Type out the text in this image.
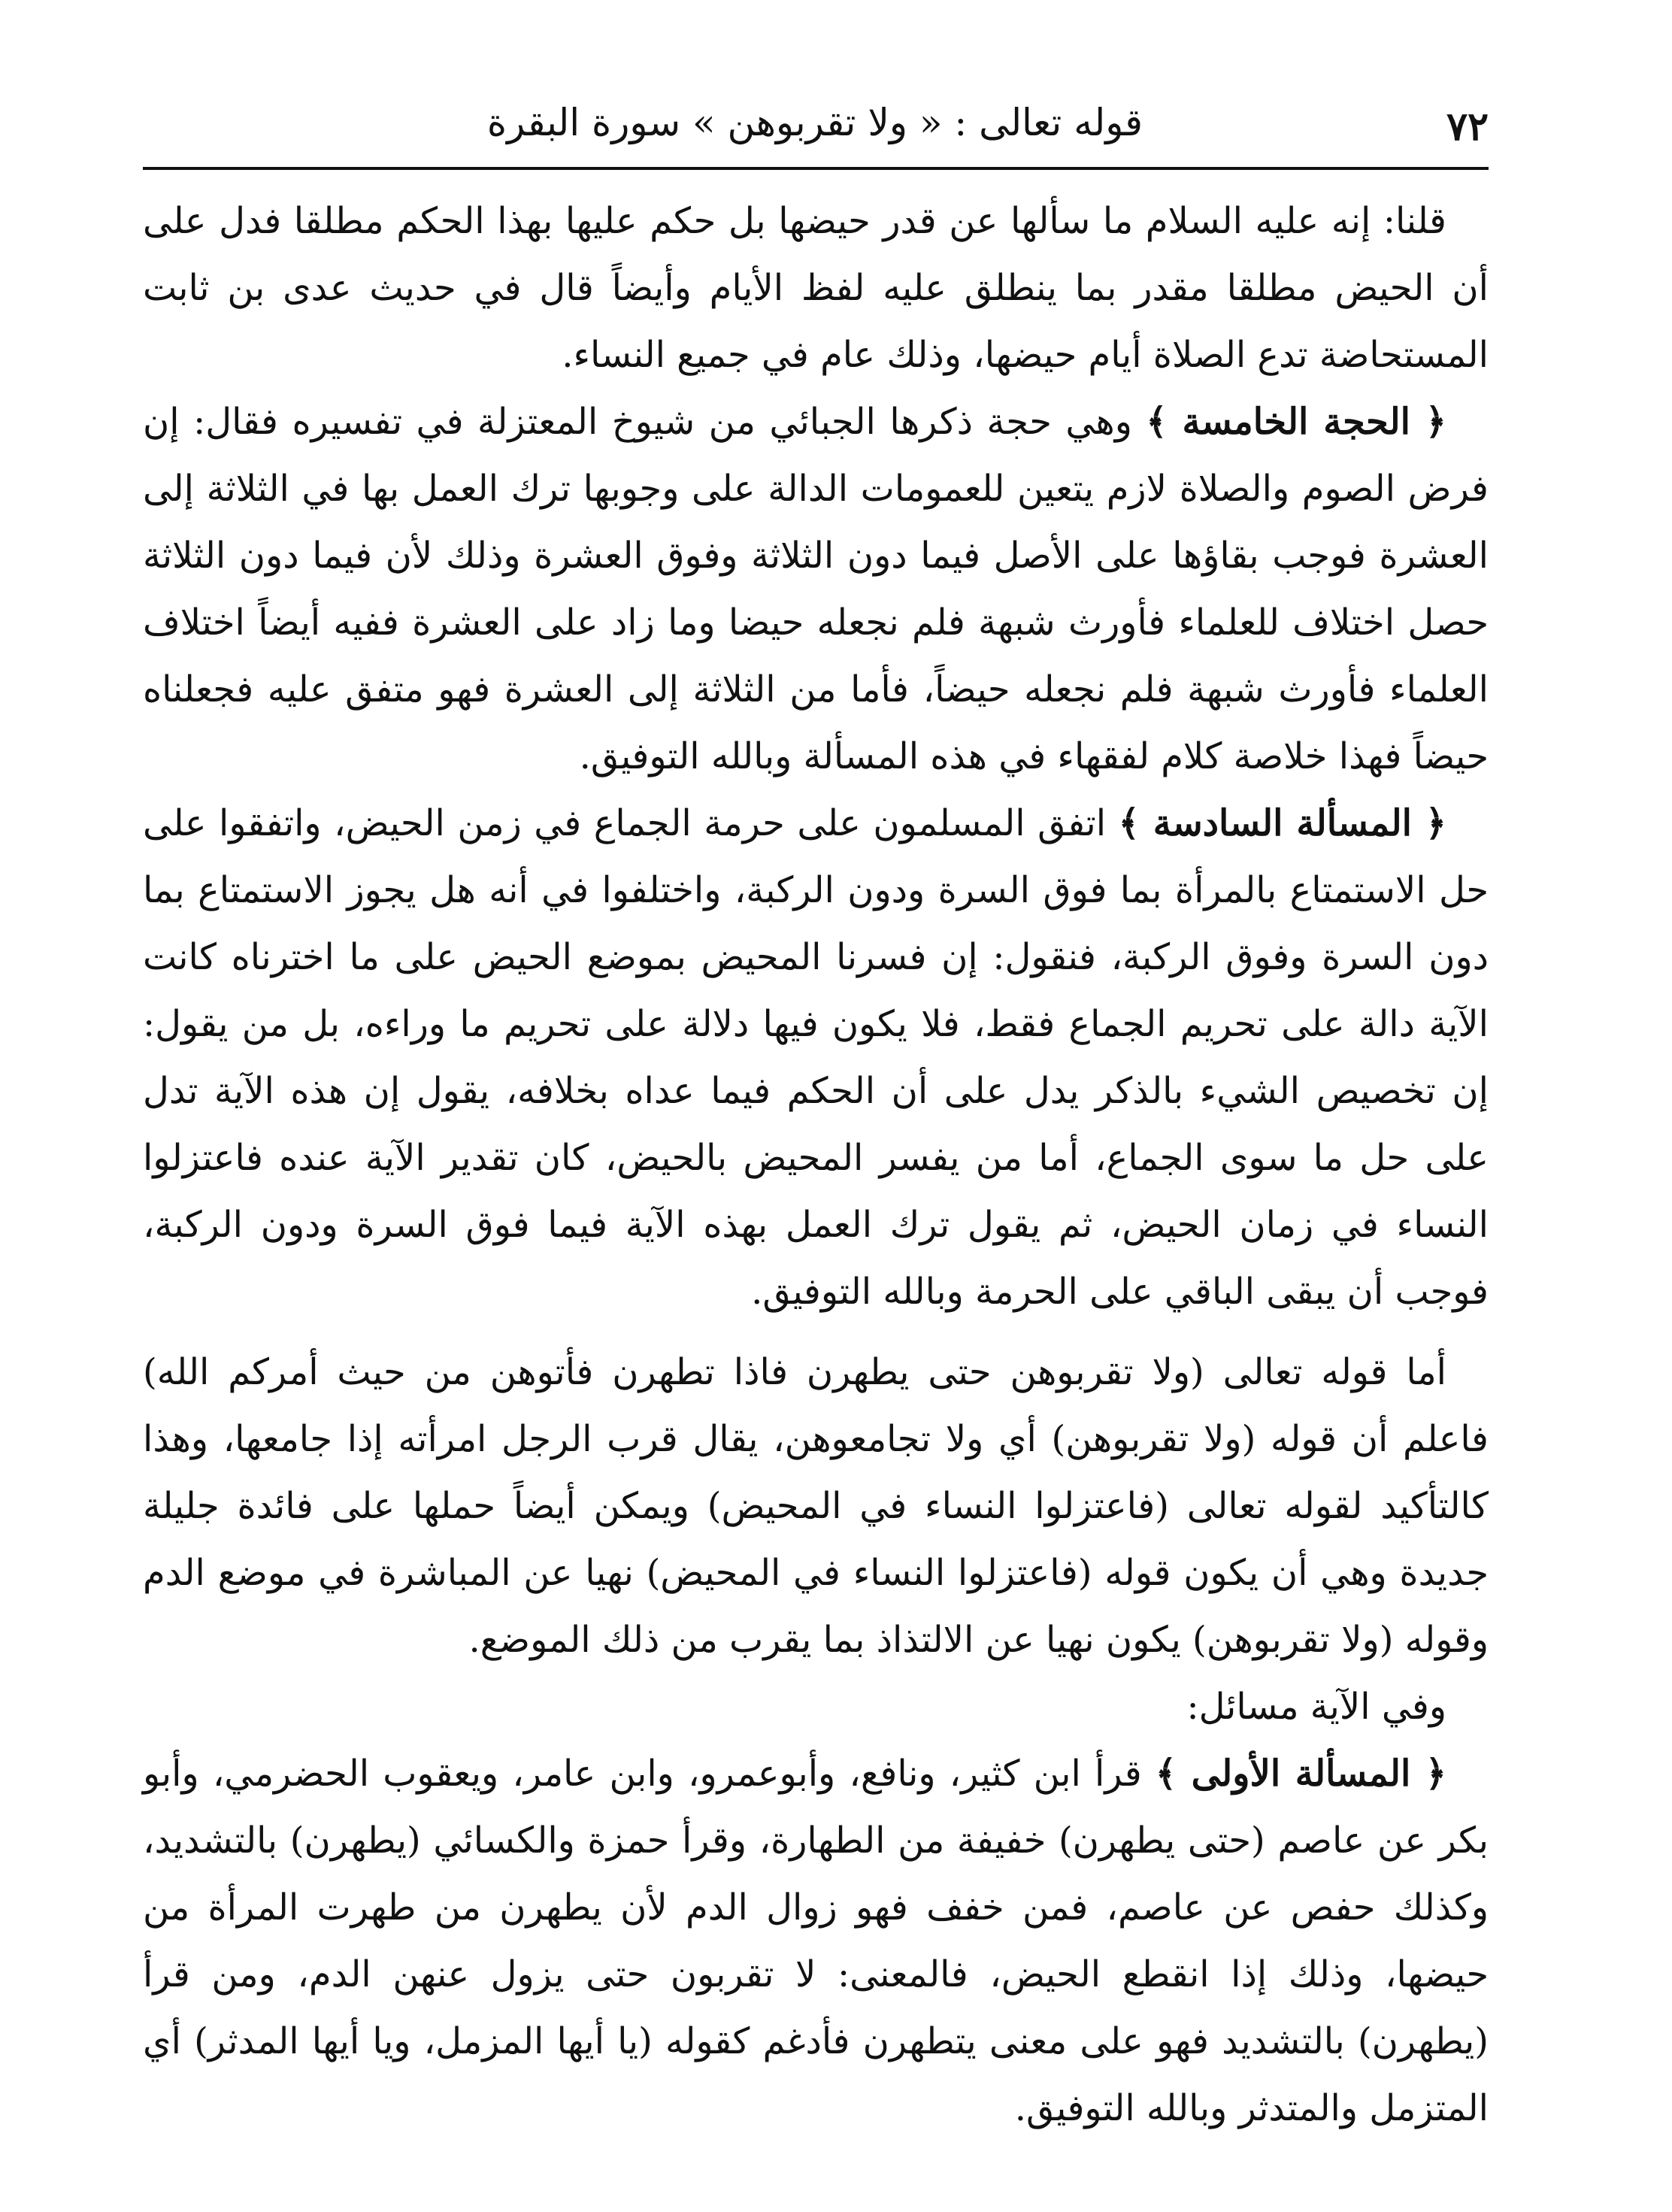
قوله تعالى : « ولا تقربوهن » سورة البقرة	٧٢

قلنا: إنه عليه السلام ما سألها عن قدر حيضها بل حكم عليها بهذا الحكم مطلقا فدل على أن الحيض مطلقا مقدر بما ينطلق عليه لفظ الأيام وأيضاً قال في حديث عدى بن ثابت المستحاضة تدع الصلاة أيام حيضها، وذلك عام في جميع النساء.

﴿ الحجة الخامسة ﴾ وهي حجة ذكرها الجبائي من شيوخ المعتزلة في تفسيره فقال: إن فرض الصوم والصلاة لازم يتعين للعمومات الدالة على وجوبها ترك العمل بها في الثلاثة إلى العشرة فوجب بقاؤها على الأصل فيما دون الثلاثة وفوق العشرة وذلك لأن فيما دون الثلاثة حصل اختلاف للعلماء فأورث شبهة فلم نجعله حيضا وما زاد على العشرة ففيه أيضاً اختلاف العلماء فأورث شبهة فلم نجعله حيضاً، فأما من الثلاثة إلى العشرة فهو متفق عليه فجعلناه حيضاً فهذا خلاصة كلام لفقهاء في هذه المسألة وبالله التوفيق.

﴿ المسألة السادسة ﴾ اتفق المسلمون على حرمة الجماع في زمن الحيض، واتفقوا على حل الاستمتاع بالمرأة بما فوق السرة ودون الركبة، واختلفوا في أنه هل يجوز الاستمتاع بما دون السرة وفوق الركبة، فنقول: إن فسرنا المحيض بموضع الحيض على ما اخترناه كانت الآية دالة على تحريم الجماع فقط، فلا يكون فيها دلالة على تحريم ما وراءه، بل من يقول: إن تخصيص الشيء بالذكر يدل على أن الحكم فيما عداه بخلافه، يقول إن هذه الآية تدل على حل ما سوى الجماع، أما من يفسر المحيض بالحيض، كان تقدير الآية عنده فاعتزلوا النساء في زمان الحيض، ثم يقول ترك العمل بهذه الآية فيما فوق السرة ودون الركبة، فوجب أن يبقى الباقي على الحرمة وبالله التوفيق.

أما قوله تعالى (ولا تقربوهن حتى يطهرن فاذا تطهرن فأتوهن من حيث أمركم الله) فاعلم أن قوله (ولا تقربوهن) أي ولا تجامعوهن، يقال قرب الرجل امرأته إذا جامعها، وهذا كالتأكيد لقوله تعالى (فاعتزلوا النساء في المحيض) ويمكن أيضاً حملها على فائدة جليلة جديدة وهي أن يكون قوله (فاعتزلوا النساء في المحيض) نهيا عن المباشرة في موضع الدم وقوله (ولا تقربوهن) يكون نهيا عن الالتذاذ بما يقرب من ذلك الموضع.

وفي الآية مسائل:

﴿ المسألة الأولى ﴾ قرأ ابن كثير، ونافع، وأبوعمرو، وابن عامر، ويعقوب الحضرمي، وأبو بكر عن عاصم (حتى يطهرن) خفيفة من الطهارة، وقرأ حمزة والكسائي (يطهرن) بالتشديد، وكذلك حفص عن عاصم، فمن خفف فهو زوال الدم لأن يطهرن من طهرت المرأة من حيضها، وذلك إذا انقطع الحيض، فالمعنى: لا تقربون حتى يزول عنهن الدم، ومن قرأ (يطهرن) بالتشديد فهو على معنى يتطهرن فأدغم كقوله (يا أيها المزمل، ويا أيها المدثر) أي المتزمل والمتدثر وبالله التوفيق.
